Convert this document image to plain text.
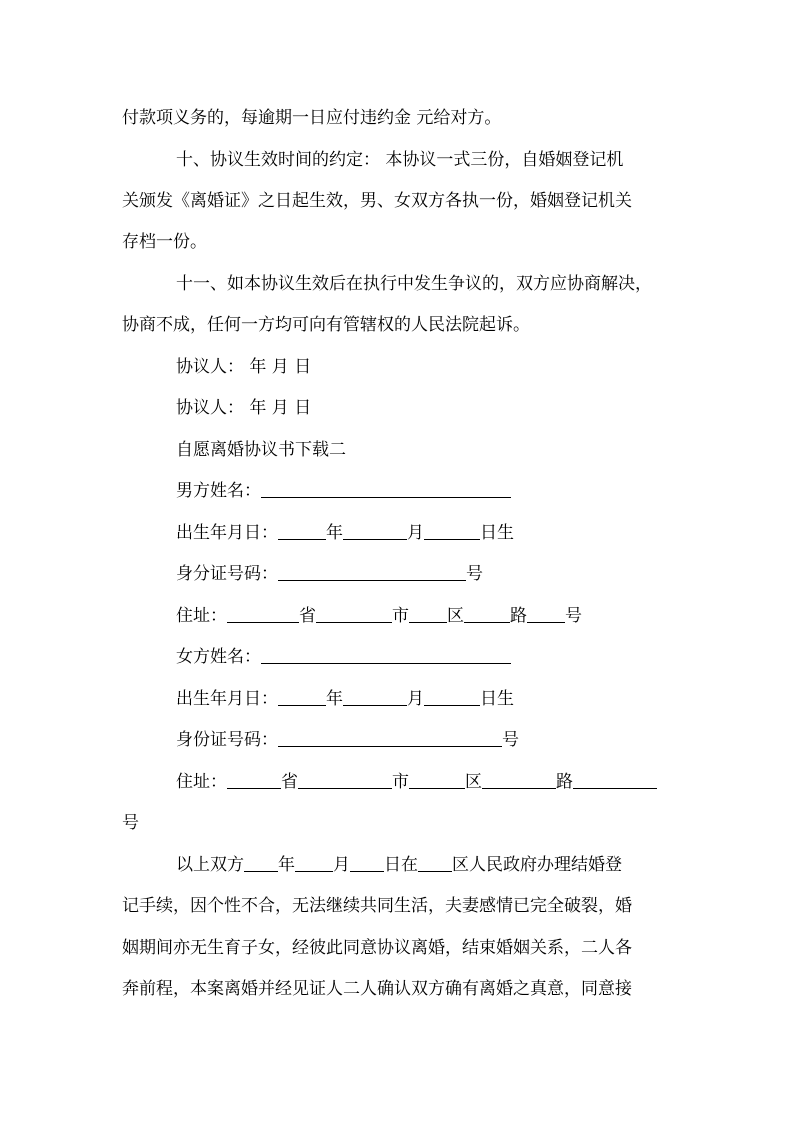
付款项义务的，每逾期一日应付违约金 元给对方。
十、协议生效时间的约定： 本协议一式三份，自婚姻登记机
关颁发《离婚证》之日起生效，男、女双方各执一份，婚姻登记机关
存档一份。
十一、如本协议生效后在执行中发生争议的，双方应协商解决，
协商不成，任何一方均可向有管辖权的人民法院起诉。
协议人： 年 月 日
协议人： 年 月 日
自愿离婚协议书下载二
男方姓名：
出生年月日：	年	月	日生
身分证号码：	号
住址：	省	市 区	路 号
女方姓名：
出生年月日：	年	月	日生
身份证号码：	号
住址：	省	市	区	路
号
以上双方 年 月 日在 区人民政府办理结婚登
记手续，因个性不合，无法继续共同生活，夫妻感情已完全破裂，婚
姻期间亦无生育子女，经彼此同意协议离婚，结束婚姻关系，二人各
奔前程，本案离婚并经见证人二人确认双方确有离婚之真意，同意接
